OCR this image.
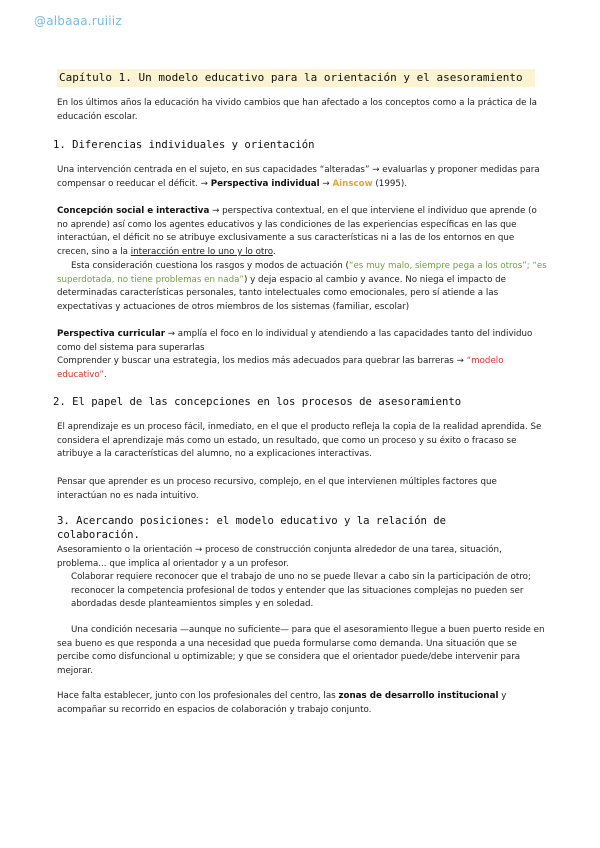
@albaaa.ruiiiz
Capítulo 1. Un modelo educativo para la orientación y el asesoramiento
En los últimos años la educación ha vivido cambios que han afectado a los conceptos como a la práctica de la educación escolar.
1. Diferencias individuales y orientación
Una intervención centrada en el sujeto, en sus capacidades “alteradas” → evaluarlas y proponer medidas para compensar o reeducar el déficit. → Perspectiva individual → Ainscow (1995).
Concepción social e interactiva → perspectiva contextual, en el que interviene el individuo que aprende (o no aprende) así como los agentes educativos y las condiciones de las experiencias específicas en las que interactúan, el déficit no se atribuye exclusivamente a sus características ni a las de los entornos en que crecen, sino a la interacción entre lo uno y lo otro.
Esta consideración cuestiona los rasgos y modos de actuación (“es muy malo, siempre pega a los otros”; “es superdotada, no tiene problemas en nada”) y deja espacio al cambio y avance. No niega el impacto de determinadas características personales, tanto intelectuales como emocionales, pero sí atiende a las expectativas y actuaciones de otros miembros de los sistemas (familiar, escolar)
Perspectiva curricular → amplía el foco en lo individual y atendiendo a las capacidades tanto del individuo como del sistema para superarlas
Comprender y buscar una estrategia, los medios más adecuados para quebrar las barreras → “modelo educativo”.
2. El papel de las concepciones en los procesos de asesoramiento
El aprendizaje es un proceso fácil, inmediato, en el que el producto refleja la copia de la realidad aprendida. Se considera el aprendizaje más como un estado, un resultado, que como un proceso y su éxito o fracaso se atribuye a la características del alumno, no a explicaciones interactivas.
Pensar que aprender es un proceso recursivo, complejo, en el que intervienen múltiples factores que interactúan no es nada intuitivo.
3. Acercando posiciones: el modelo educativo y la relación de colaboración.
Asesoramiento o la orientación → proceso de construcción conjunta alrededor de una tarea, situación, problema... que implica al orientador y a un profesor.
Colaborar requiere reconocer que el trabajo de uno no se puede llevar a cabo sin la participación de otro; reconocer la competencia profesional de todos y entender que las situaciones complejas no pueden ser abordadas desde planteamientos simples y en soledad.
Una condición necesaria —aunque no suficiente— para que el asesoramiento llegue a buen puerto reside en sea bueno es que responda a una necesidad que pueda formularse como demanda. Una situación que se percibe como disfuncional u optimizable; y que se considera que el orientador puede/debe intervenir para mejorar.
Hace falta establecer, junto con los profesionales del centro, las zonas de desarrollo institucional y acompañar su recorrido en espacios de colaboración y trabajo conjunto.
